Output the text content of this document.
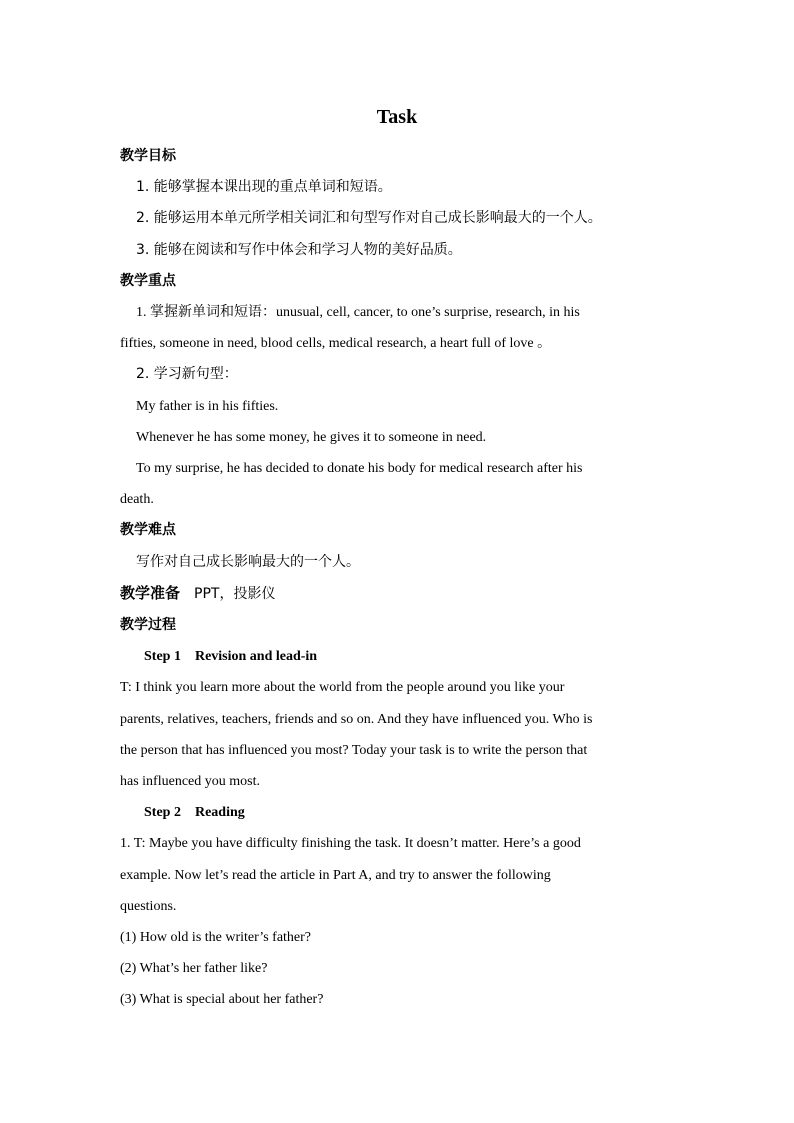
Task
教学目标
1. 能够掌握本课出现的重点单词和短语。
2. 能够运用本单元所学相关词汇和句型写作对自己成长影响最大的一个人。
3. 能够在阅读和写作中体会和学习人物的美好品质。
教学重点
1. 掌握新单词和短语：unusual, cell, cancer, to one’s surprise, research, in his
fifties, someone in need, blood cells, medical research, a heart full of love 。
2. 学习新句型：
My father is in his fifties.
Whenever he has some money, he gives it to someone in need.
To my surprise, he has decided to donate his body for medical research after his
death.
教学难点
写作对自己成长影响最大的一个人。
教学准备 PPT，投影仪
教学过程
Step 1 Revision and lead-in
T: I think you learn more about the world from the people around you like your
parents, relatives, teachers, friends and so on. And they have influenced you. Who is
the person that has influenced you most? Today your task is to write the person that
has influenced you most.
Step 2 Reading
1. T: Maybe you have difficulty finishing the task. It doesn’t matter. Here’s a good
example. Now let’s read the article in Part A, and try to answer the following
questions.
(1) How old is the writer’s father?
(2) What’s her father like?
(3) What is special about her father?
